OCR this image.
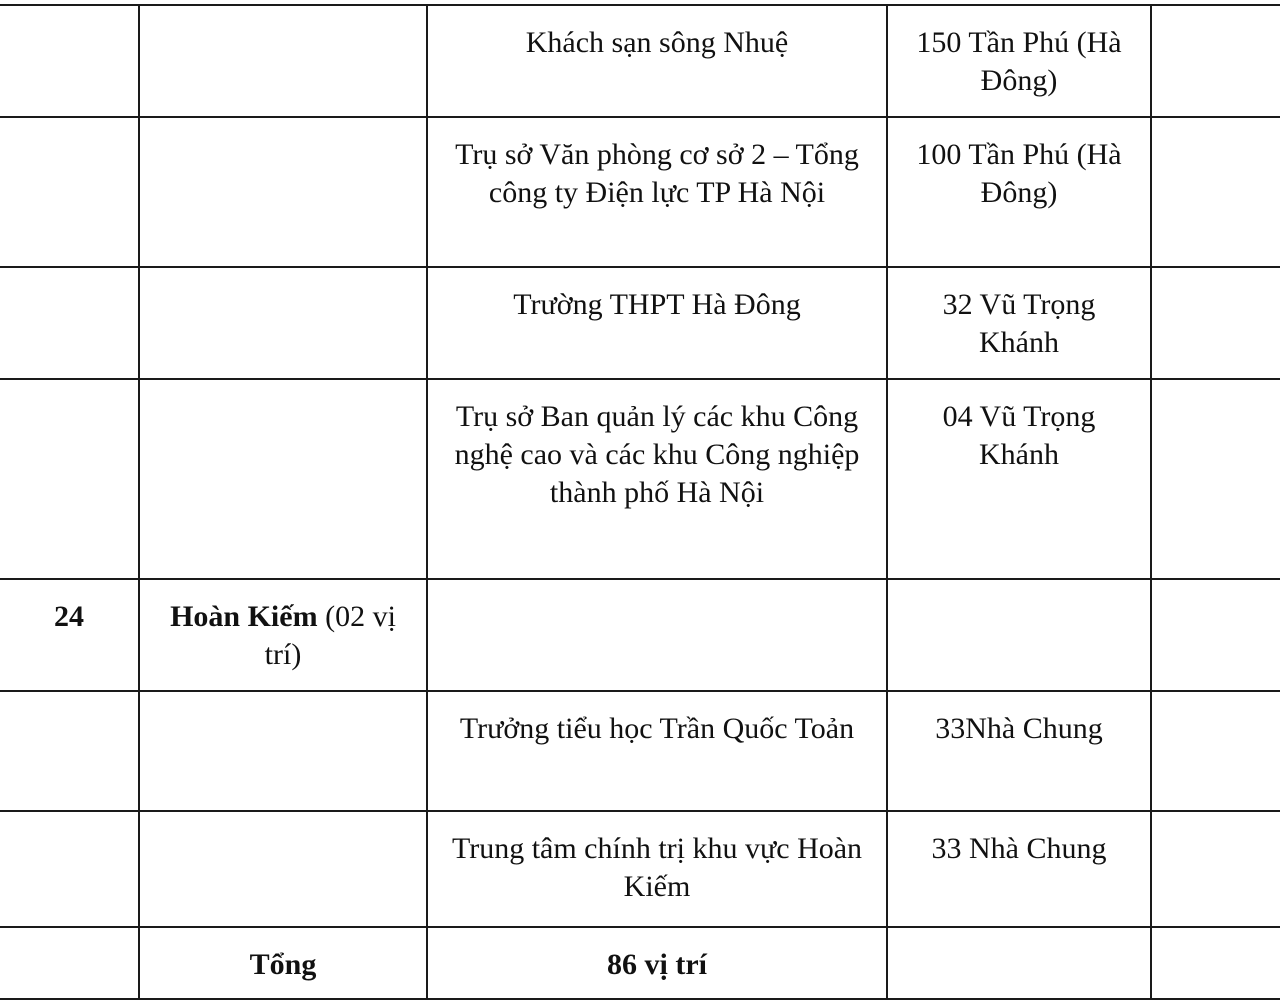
		Khách sạn sông Nhuệ	150 Tần Phú (Hà Đông)	
		Trụ sở Văn phòng cơ sở 2 – Tổng công ty Điện lực TP Hà Nội	100 Tần Phú (Hà Đông)	
		Trường THPT Hà Đông	32 Vũ Trọng Khánh	
		Trụ sở Ban quản lý các khu Công nghệ cao và các khu Công nghiệp thành phố Hà Nội	04 Vũ Trọng Khánh	
24	Hoàn Kiếm (02 vị trí)			
		Trưởng tiểu học Trần Quốc Toản	33Nhà Chung	
		Trung tâm chính trị khu vực Hoàn Kiếm	33 Nhà Chung	
	Tổng	86 vị trí		
